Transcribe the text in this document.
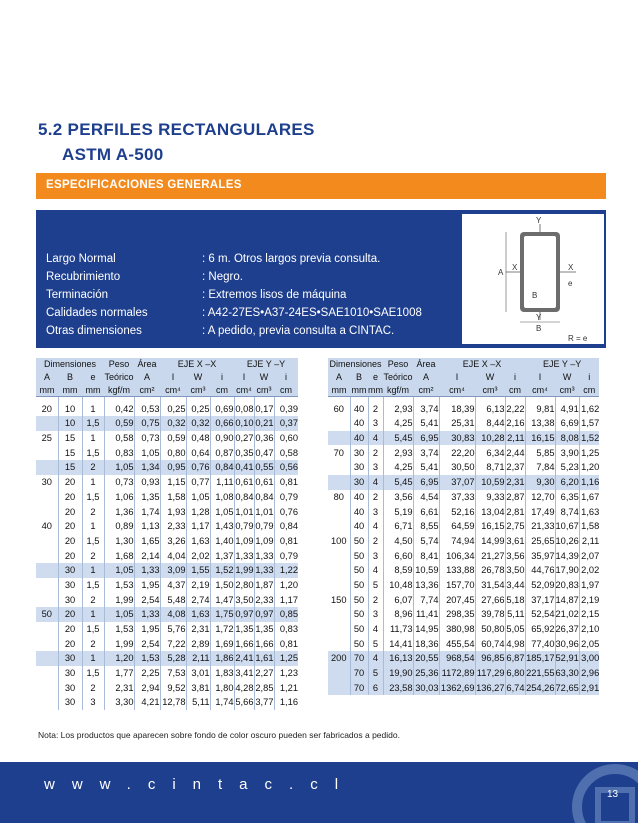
5.2 PERFILES RECTANGULARES
ASTM A-500
ESPECIFICACIONES GENERALES
Largo Normal	: 6 m. Otros largos previa consulta.
Recubrimiento	: Negro.
Terminación	: Extremos lisos de máquina
Calidades normales	: A42-27ES•A37-24ES•SAE1010•SAE1008
Otras dimensiones	: A pedido, previa consulta a CINTAC.
Y
A
X	X
e
B
Y
B
R = e
Dimensiones			Peso	Área	EJE X –X			EJE Y –Y		
A	B	e	Teórico	A	I	W	i	I	W	i
mm	mm	mm	kgf/m	cm²	cm⁴	cm³	cm	cm⁴	cm³	cm
20	10	1	0,42	0,53	0,25	0,25	0,69	0,08	0,17	0,39
	10	1,5	0,59	0,75	0,32	0,32	0,66	0,10	0,21	0,37
25	15	1	0,58	0,73	0,59	0,48	0,90	0,27	0,36	0,60
	15	1,5	0,83	1,05	0,80	0,64	0,87	0,35	0,47	0,58
	15	2	1,05	1,34	0,95	0,76	0,84	0,41	0,55	0,56
30	20	1	0,73	0,93	1,15	0,77	1,11	0,61	0,61	0,81
	20	1,5	1,06	1,35	1,58	1,05	1,08	0,84	0,84	0,79
	20	2	1,36	1,74	1,93	1,28	1,05	1,01	1,01	0,76
40	20	1	0,89	1,13	2,33	1,17	1,43	0,79	0,79	0,84
	20	1,5	1,30	1,65	3,26	1,63	1,40	1,09	1,09	0,81
	20	2	1,68	2,14	4,04	2,02	1,37	1,33	1,33	0,79
	30	1	1,05	1,33	3,09	1,55	1,52	1,99	1,33	1,22
	30	1,5	1,53	1,95	4,37	2,19	1,50	2,80	1,87	1,20
	30	2	1,99	2,54	5,48	2,74	1,47	3,50	2,33	1,17
50	20	1	1,05	1,33	4,08	1,63	1,75	0,97	0,97	0,85
	20	1,5	1,53	1,95	5,76	2,31	1,72	1,35	1,35	0,83
	20	2	1,99	2,54	7,22	2,89	1,69	1,66	1,66	0,81
	30	1	1,20	1,53	5,28	2,11	1,86	2,41	1,61	1,25
	30	1,5	1,77	2,25	7,53	3,01	1,83	3,41	2,27	1,23
	30	2	2,31	2,94	9,52	3,81	1,80	4,28	2,85	1,21
	30	3	3,30	4,21	12,78	5,11	1,74	5,66	3,77	1,16
Dimensiones			Peso	Área	EJE X –X			EJE Y –Y		
A	B	e	Teórico	A	I	W	i	I	W	i
mm	mm	mm	kgf/m	cm²	cm⁴	cm³	cm	cm⁴	cm³	cm
60	40	2	2,93	3,74	18,39	6,13	2,22	9,81	4,91	1,62
	40	3	4,25	5,41	25,31	8,44	2,16	13,38	6,69	1,57
	40	4	5,45	6,95	30,83	10,28	2,11	16,15	8,08	1,52
70	30	2	2,93	3,74	22,20	6,34	2,44	5,85	3,90	1,25
	30	3	4,25	5,41	30,50	8,71	2,37	7,84	5,23	1,20
	30	4	5,45	6,95	37,07	10,59	2,31	9,30	6,20	1,16
80	40	2	3,56	4,54	37,33	9,33	2,87	12,70	6,35	1,67
	40	3	5,19	6,61	52,16	13,04	2,81	17,49	8,74	1,63
	40	4	6,71	8,55	64,59	16,15	2,75	21,33	10,67	1,58
100	50	2	4,50	5,74	74,94	14,99	3,61	25,65	10,26	2,11
	50	3	6,60	8,41	106,34	21,27	3,56	35,97	14,39	2,07
	50	4	8,59	10,59	133,88	26,78	3,50	44,76	17,90	2,02
	50	5	10,48	13,36	157,70	31,54	3,44	52,09	20,83	1,97
150	50	2	6,07	7,74	207,45	27,66	5,18	37,17	14,87	2,19
	50	3	8,96	11,41	298,35	39,78	5,11	52,54	21,02	2,15
	50	4	11,73	14,95	380,98	50,80	5,05	65,92	26,37	2,10
	50	5	14,41	18,36	455,54	60,74	4,98	77,40	30,96	2,05
200	70	4	16,13	20,55	968,54	96,85	6,87	185,17	52,91	3,00
	70	5	19,90	25,36	1172,89	117,29	6,80	221,55	63,30	2,96
	70	6	23,58	30,03	1362,69	136,27	6,74	254,26	72,65	2,91
Nota: Los productos que aparecen sobre fondo de color oscuro pueden ser fabricados a pedido.
www.cintac.cl
13
